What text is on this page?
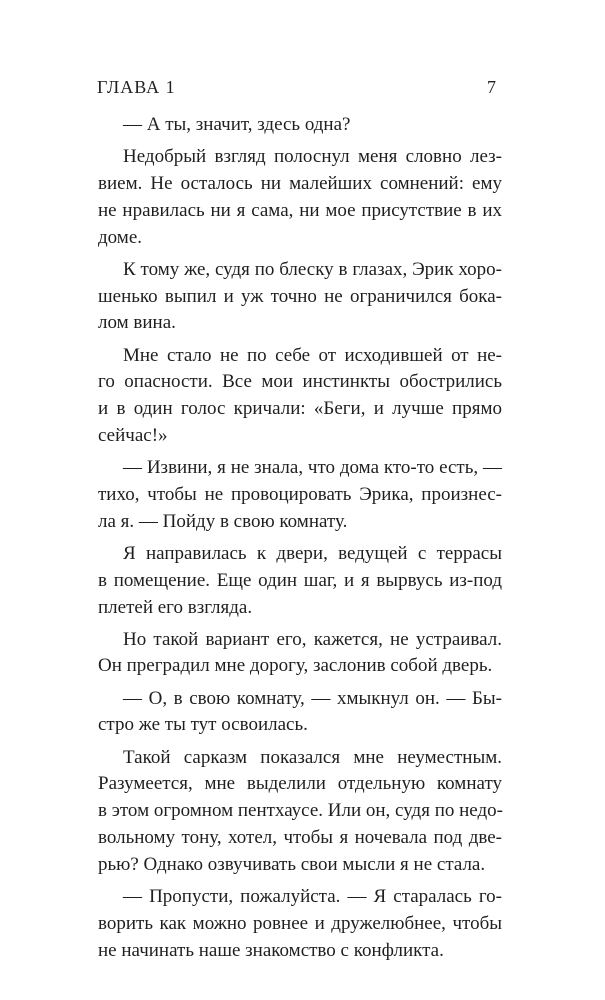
ГЛАВА 1	7
— А ты, значит, здесь одна?
Недобрый взгляд полоснул меня словно лез-
вием. Не осталось ни малейших сомнений: ему
не нравилась ни я сама, ни мое присутствие в их
доме.
К тому же, судя по блеску в глазах, Эрик хоро-
шенько выпил и уж точно не ограничился бока-
лом вина.
Мне стало не по себе от исходившей от не-
го опасности. Все мои инстинкты обострились
и в один голос кричали: «Беги, и лучше прямо
сейчас!»
— Извини, я не знала, что дома кто-то есть, —
тихо, чтобы не провоцировать Эрика, произнес-
ла я. — Пойду в свою комнату.
Я направилась к двери, ведущей с террасы
в помещение. Еще один шаг, и я вырвусь из-под
плетей его взгляда.
Но такой вариант его, кажется, не устраивал.
Он преградил мне дорогу, заслонив собой дверь.
— О, в свою комнату, — хмыкнул он. — Бы-
стро же ты тут освоилась.
Такой сарказм показался мне неуместным.
Разумеется, мне выделили отдельную комнату
в этом огромном пентхаусе. Или он, судя по недо-
вольному тону, хотел, чтобы я ночевала под две-
рью? Однако озвучивать свои мысли я не стала.
— Пропусти, пожалуйста. — Я старалась го-
ворить как можно ровнее и дружелюбнее, чтобы
не начинать наше знакомство с конфликта.
